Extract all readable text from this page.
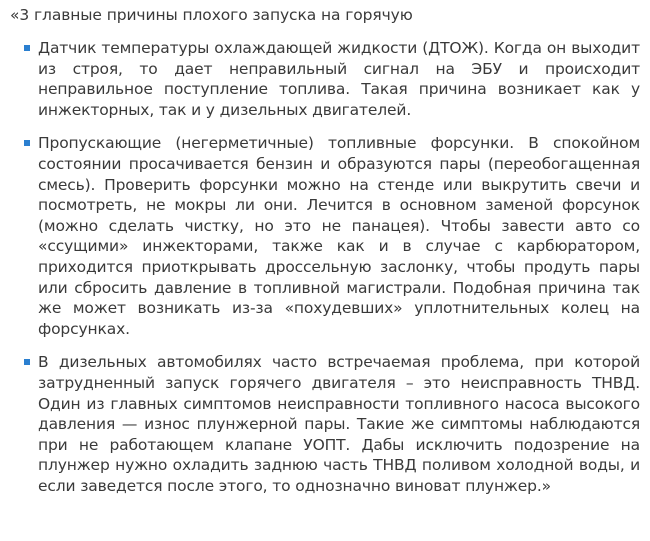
«3 главные причины плохого запуска на горячую
Датчик температуры охлаждающей жидкости (ДТОЖ). Когда он выходит из строя, то дает неправильный сигнал на ЭБУ и происходит неправильное поступление топлива. Такая причина возникает как у инжекторных, так и у дизельных двигателей.
Пропускающие (негерметичные) топливные форсунки. В спокойном состоянии просачивается бензин и образуются пары (переобогащенная смесь). Проверить форсунки можно на стенде или выкрутить свечи и посмотреть, не мокры ли они. Лечится в основном заменой форсунок (можно сделать чистку, но это не панацея). Чтобы завести авто со «ссущими» инжекторами, также как и в случае с карбюратором, приходится приоткрывать дроссельную заслонку, чтобы продуть пары или сбросить давление в топливной магистрали. Подобная причина так же может возникать из-за «похудевших» уплотнительных колец на форсунках.
В дизельных автомобилях часто встречаемая проблема, при которой затрудненный запуск горячего двигателя – это неисправность ТНВД. Один из главных симптомов неисправности топливного насоса высокого давления — износ плунжерной пары. Такие же симптомы наблюдаются при не работающем клапане УОПТ. Дабы исключить подозрение на плунжер нужно охладить заднюю часть ТНВД поливом холодной воды, и если заведется после этого, то однозначно виноват плунжер.»
